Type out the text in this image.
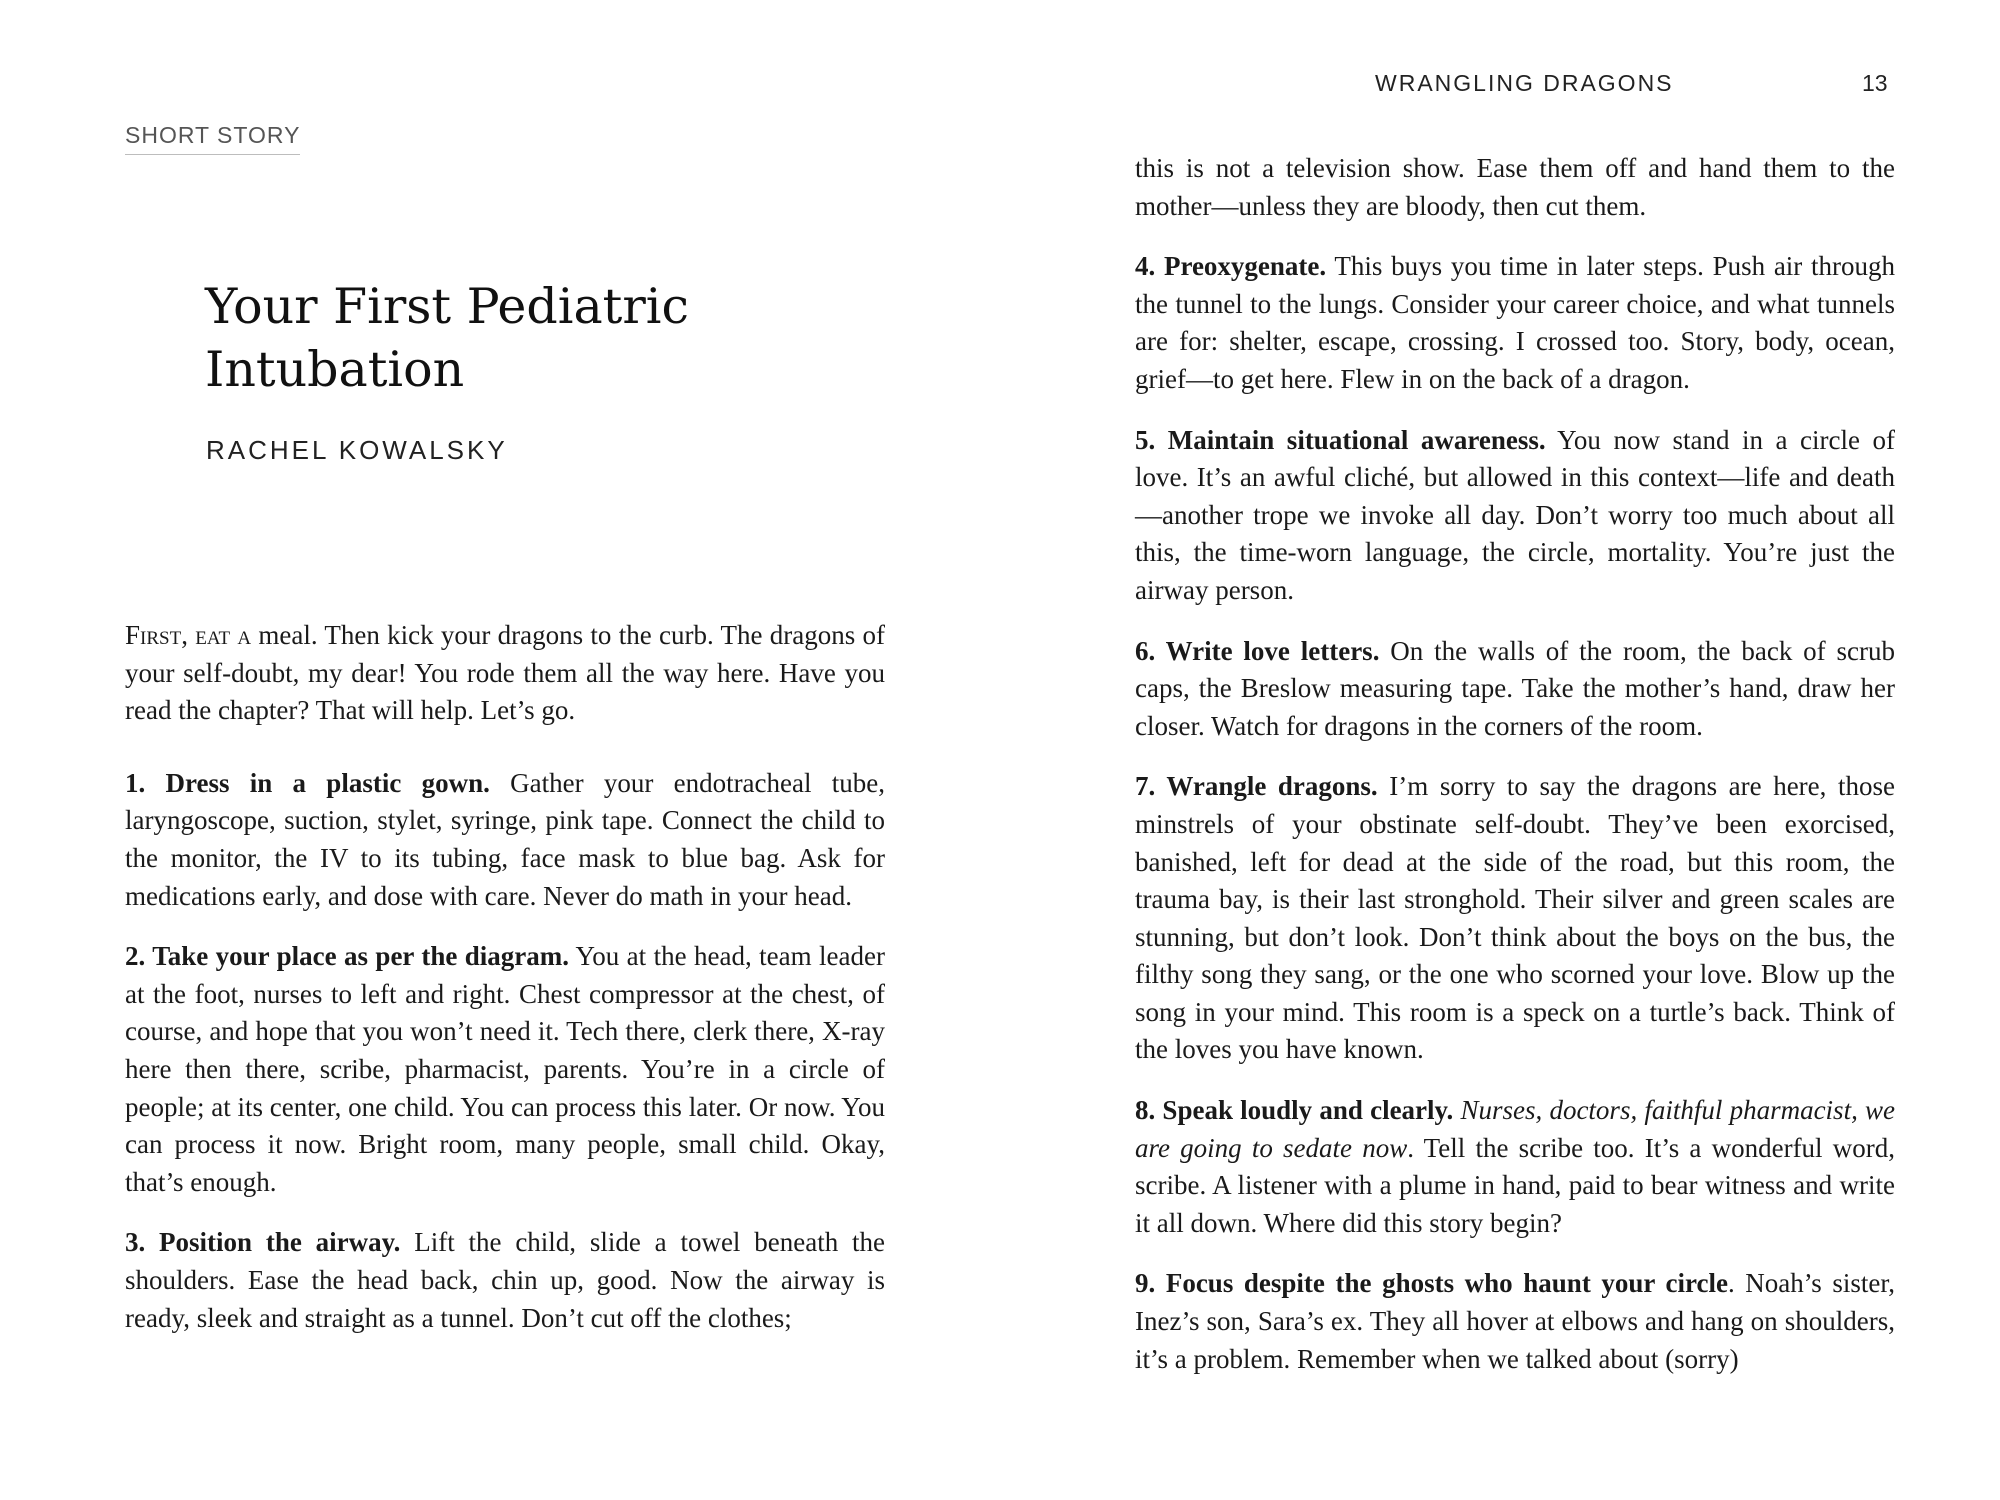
SHORT STORY
Your First Pediatric
Intubation
RACHEL KOWALSKY

First, eat a meal. Then kick your dragons to the curb. The dragons of your self-doubt, my dear! You rode them all the way here. Have you read the chapter? That will help. Let’s go.

1. Dress in a plastic gown. Gather your endotracheal tube, laryngoscope, suction, stylet, syringe, pink tape. Connect the child to the monitor, the IV to its tubing, face mask to blue bag. Ask for medications early, and dose with care. Never do math in your head.

2. Take your place as per the diagram. You at the head, team leader at the foot, nurses to left and right. Chest compressor at the chest, of course, and hope that you won’t need it. Tech there, clerk there, X-ray here then there, scribe, pharmacist, parents. You’re in a circle of people; at its center, one child. You can process this later. Or now. You can process it now. Bright room, many people, small child. Okay, that’s enough.

3. Position the airway. Lift the child, slide a towel beneath the shoulders. Ease the head back, chin up, good. Now the airway is ready, sleek and straight as a tunnel. Don’t cut off the clothes;

WRANGLING DRAGONS	13

this is not a television show. Ease them off and hand them to the mother—unless they are bloody, then cut them.

4. Preoxygenate. This buys you time in later steps. Push air through the tunnel to the lungs. Consider your career choice, and what tunnels are for: shelter, escape, crossing. I crossed too. Story, body, ocean, grief—to get here. Flew in on the back of a dragon.

5. Maintain situational awareness. You now stand in a circle of love. It’s an awful cliché, but allowed in this context—life and death—another trope we invoke all day. Don’t worry too much about all this, the time-worn language, the circle, mortality. You’re just the airway person.

6. Write love letters. On the walls of the room, the back of scrub caps, the Breslow measuring tape. Take the mother’s hand, draw her closer. Watch for dragons in the corners of the room.

7. Wrangle dragons. I’m sorry to say the dragons are here, those minstrels of your obstinate self-doubt. They’ve been exorcised, banished, left for dead at the side of the road, but this room, the trauma bay, is their last stronghold. Their silver and green scales are stunning, but don’t look. Don’t think about the boys on the bus, the filthy song they sang, or the one who scorned your love. Blow up the song in your mind. This room is a speck on a turtle’s back. Think of the loves you have known.

8. Speak loudly and clearly. Nurses, doctors, faithful pharmacist, we are going to sedate now. Tell the scribe too. It’s a wonderful word, scribe. A listener with a plume in hand, paid to bear witness and write it all down. Where did this story begin?

9. Focus despite the ghosts who haunt your circle. Noah’s sister, Inez’s son, Sara’s ex. They all hover at elbows and hang on shoulders, it’s a problem. Remember when we talked about (sorry)
